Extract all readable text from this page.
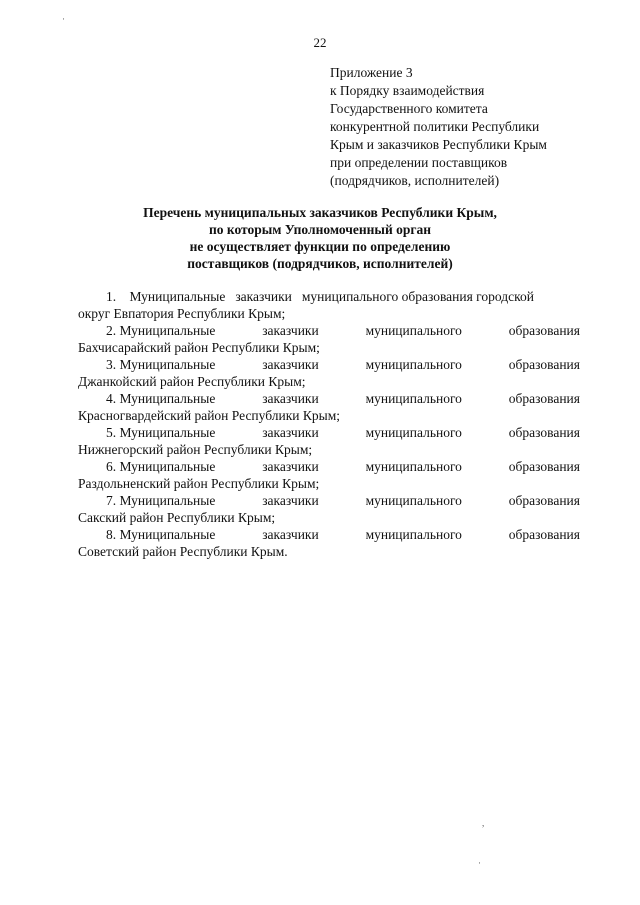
22
Приложение 3
к Порядку взаимодействия
Государственного комитета
конкурентной политики Республики
Крым и заказчиков Республики Крым
при определении поставщиков
(подрядчиков, исполнителей)
Перечень муниципальных заказчиков Республики Крым,
по которым Уполномоченный орган
не осуществляет функции по определению
поставщиков (подрядчиков, исполнителей)
1. Муниципальные заказчики муниципального образования городской
округ Евпатория Республики Крым;
2. Муниципальные	заказчики	муниципального	образования
Бахчисарайский район Республики Крым;
3. Муниципальные	заказчики	муниципального	образования
Джанкойский район Республики Крым;
4. Муниципальные	заказчики	муниципального	образования
Красногвардейский район Республики Крым;
5. Муниципальные	заказчики	муниципального	образования
Нижнегорский район Республики Крым;
6. Муниципальные	заказчики	муниципального	образования
Раздольненский район Республики Крым;
7. Муниципальные	заказчики	муниципального	образования
Сакский район Республики Крым;
8. Муниципальные	заказчики	муниципального	образования
Советский район Республики Крым.
·
,
·
